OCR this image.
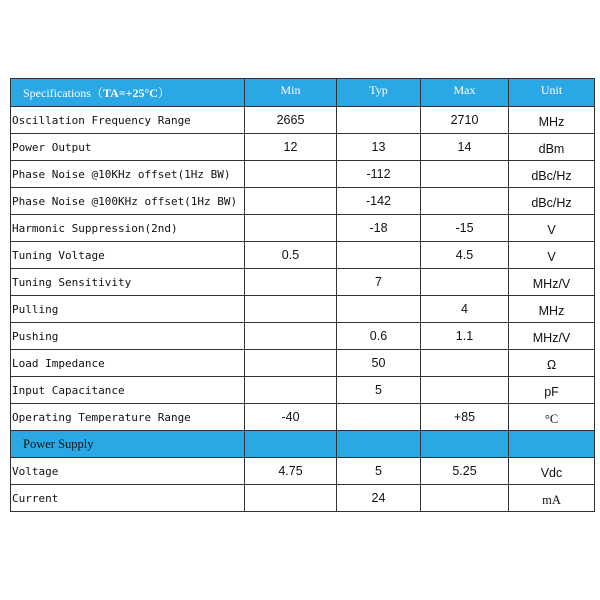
Specifications（TA=+25°C）	Min	Typ	Max	Unit
Oscillation Frequency Range	2665		2710	MHz
Power Output	12	13	14	dBm
Phase Noise @10KHz offset(1Hz BW)		-112		dBc/Hz
Phase Noise @100KHz offset(1Hz BW)		-142		dBc/Hz
Harmonic Suppression(2nd)		-18	-15	V
Tuning Voltage	0.5		4.5	V
Tuning Sensitivity		7		MHz/V
Pulling			4	MHz
Pushing		0.6	1.1	MHz/V
Load Impedance		50		Ω
Input Capacitance		5		pF
Operating Temperature Range	-40		+85	°C
Power Supply				
Voltage	4.75	5	5.25	Vdc
Current		24		mA
